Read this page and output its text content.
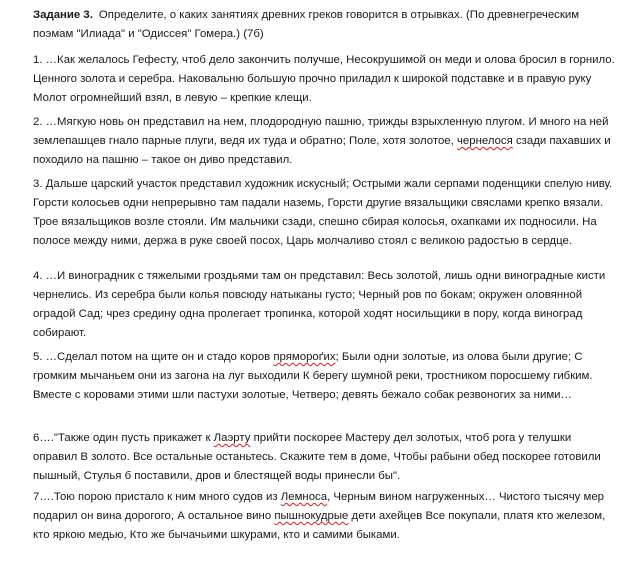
Задание 3. Определите, о каких занятиях древних греков говорится в отрывках. (По древнегреческим поэмам "Илиада" и "Одиссея" Гомера.) (7б)

1. …Как желалось Гефесту, чтоб дело закончить получше, Несокрушимой он меди и олова бросил в горнило. Ценного золота и серебра. Наковальню большую прочно приладил к широкой подставке и в правую руку Молот огромнейший взял, в левую – крепкие клещи.

2. …Мягкую новь он представил на нем, плодородную пашню, трижды взрыхленную плугом. И много на ней землепашцев гнало парные плуги, ведя их туда и обратно; Поле, хотя золотое, чернелося сзади пахавших и походило на пашню – такое он диво представил.

3. Дальше царский участок представил художник искусный; Острыми жали серпами поденщики спелую ниву. Горсти колосьев одни непрерывно там падали наземь, Горсти другие вязальщики свяслами крепко вязали. Трое вязальщиков возле стояли. Им мальчики сзади, спешно сбирая колосья, охапками их подносили. На полосе между ними, держа в руке своей посох, Царь молчаливо стоял с великою радостью в сердце.

4. …И виноградник с тяжелыми гроздьями там он представил: Весь золотой, лишь одни виноградные кисти чернелись. Из серебра были колья повсюду натыканы густо; Черный ров по бокам; окружен оловянной оградой Сад; чрез средину одна пролегает тропинка, которой ходят носильщики в пору, когда виноград собирают.

5. …Сделал потом на щите он и стадо коров прямороґих; Были одни золотые, из олова были другие; С громким мычаньем они из загона на луг выходили К берегу шумной реки, тростником поросшему гибким. Вместе с коровами этими шли пастухи золотые, Четверо; девять бежало собак резвоногих за ними…

6…."Также один пусть прикажет к Лаэрту прийти поскорее Мастеру дел золотых, чтоб рога у телушки оправил В золото. Все остальные останьтесь. Скажите тем в доме, Чтобы рабыни обед поскорее готовили пышный, Стулья б поставили, дров и блестящей воды принесли бы".

7….Тою порою пристало к ним много судов из Лемноса, Черным вином нагруженных… Чистого тысячу мер подарил он вина дорогого, А остальное вино пышнокудрые дети ахейцев Все покупали, платя кто железом, кто яркою медью, Кто же бычачьими шкурами, кто и самими быками.
